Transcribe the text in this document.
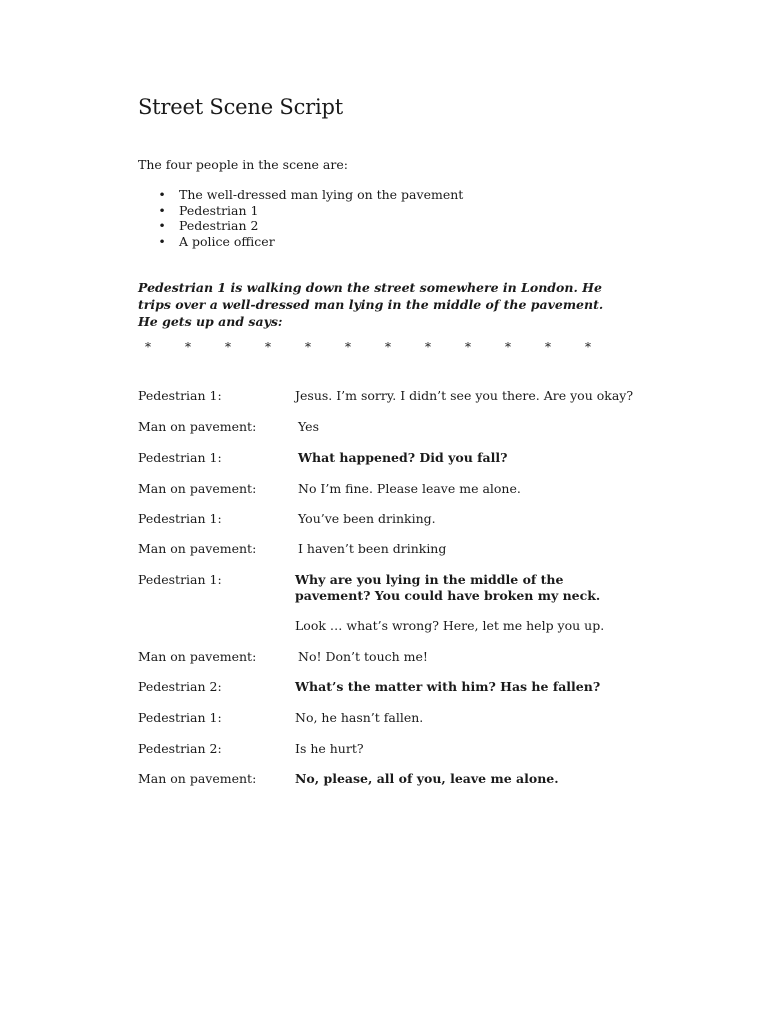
Street Scene Script

The four people in the scene are:

• The well-dressed man lying on the pavement
• Pedestrian 1
• Pedestrian 2
• A police officer

Pedestrian 1 is walking down the street somewhere in London. He trips over a well-dressed man lying in the middle of the pavement. He gets up and says:

*	*	*	*	*	*	*	*	*	*	*	*
Pedestrian 1:	Jesus. I’m sorry. I didn’t see you there. Are you okay?
Man on pavement:	Yes
Pedestrian 1:	What happened? Did you fall?
Man on pavement:	No I’m fine. Please leave me alone.
Pedestrian 1:	You’ve been drinking.
Man on pavement:	I haven’t been drinking
Pedestrian 1:	Why are you lying in the middle of the pavement? You could have broken my neck.
Look … what’s wrong? Here, let me help you up.
Man on pavement:	No! Don’t touch me!
Pedestrian 2:	What’s the matter with him? Has he fallen?
Pedestrian 1:	No, he hasn’t fallen.
Pedestrian 2:	Is he hurt?
Man on pavement:	No, please, all of you, leave me alone.
